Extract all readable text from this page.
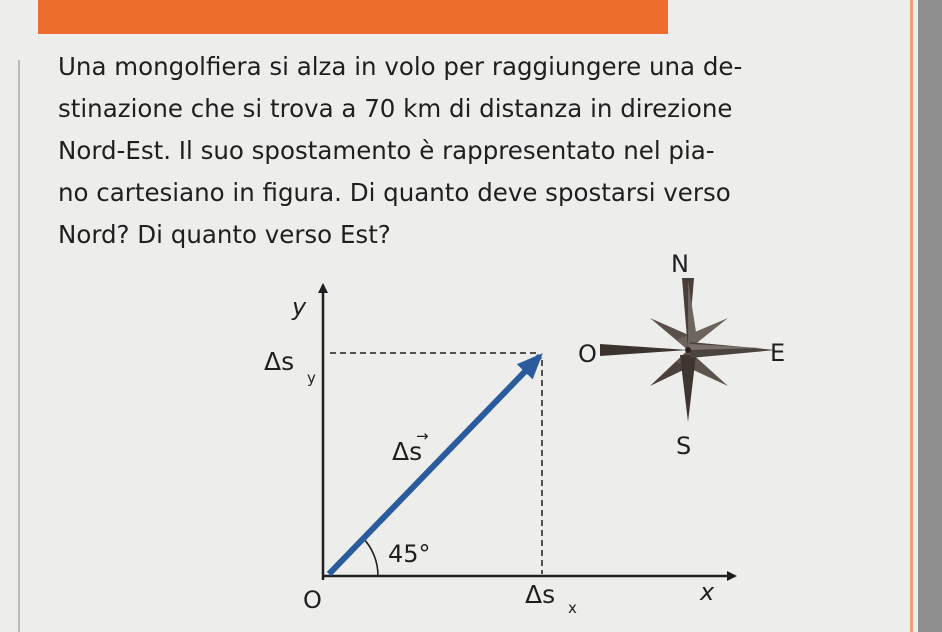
Una mongolfiera si alza in volo per raggiungere una de-
stinazione che si trova a 70 km di distanza in direzione
Nord-Est. Il suo spostamento è rappresentato nel pia-
no cartesiano in figura. Di quanto deve spostarsi verso
Nord? Di quanto verso Est?
y
x
O
Δs
y
Δs x
Δs
→
45°
N
E
S
O
